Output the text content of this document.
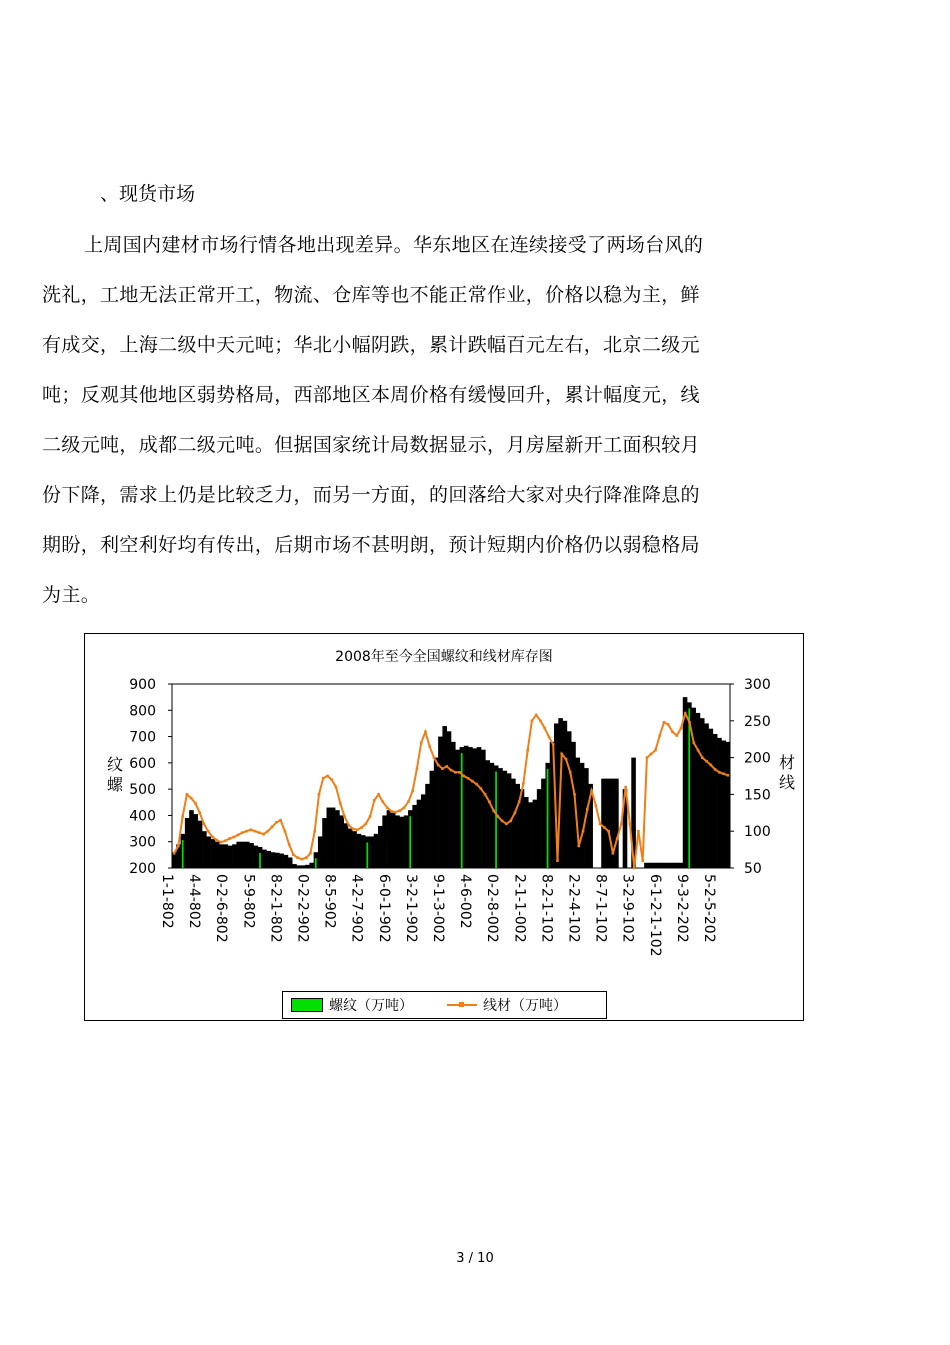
、现货市场
上周国内建材市场行情各地出现差异。华东地区在连续接受了两场台风的
洗礼，工地无法正常开工，物流、仓库等也不能正常作业，价格以稳为主，鲜
有成交，上海二级中天元吨；华北小幅阴跌，累计跌幅百元左右，北京二级元
吨；反观其他地区弱势格局，西部地区本周价格有缓慢回升，累计幅度元，线
二级元吨，成都二级元吨。但据国家统计局数据显示，月房屋新开工面积较月
份下降，需求上仍是比较乏力，而另一方面，的回落给大家对央行降准降息的
期盼，利空利好均有传出，后期市场不甚明朗，预计短期内价格仍以弱稳格局
为主。
2008年至今全国螺纹和线材库存图
900
800
700
600
500
400
300
200
300
250
200
150
100
50
螺
纹
线
材
1-1-802 4-4-802 0-2-6-802 5-9-802 8-2-1-802 0-2-2-902 8-5-902 4-2-7-902 6-0-1-902 3-2-1-902 9-1-3-002 4-6-002 0-2-8-002 2-1-1-002 8-2-1-102 2-2-4-102 8-7-1-102 3-2-9-102 6-1-2-1-102 9-3-2-202 5-2-5-202
螺纹（万吨）	线材（万吨）
3 / 10
